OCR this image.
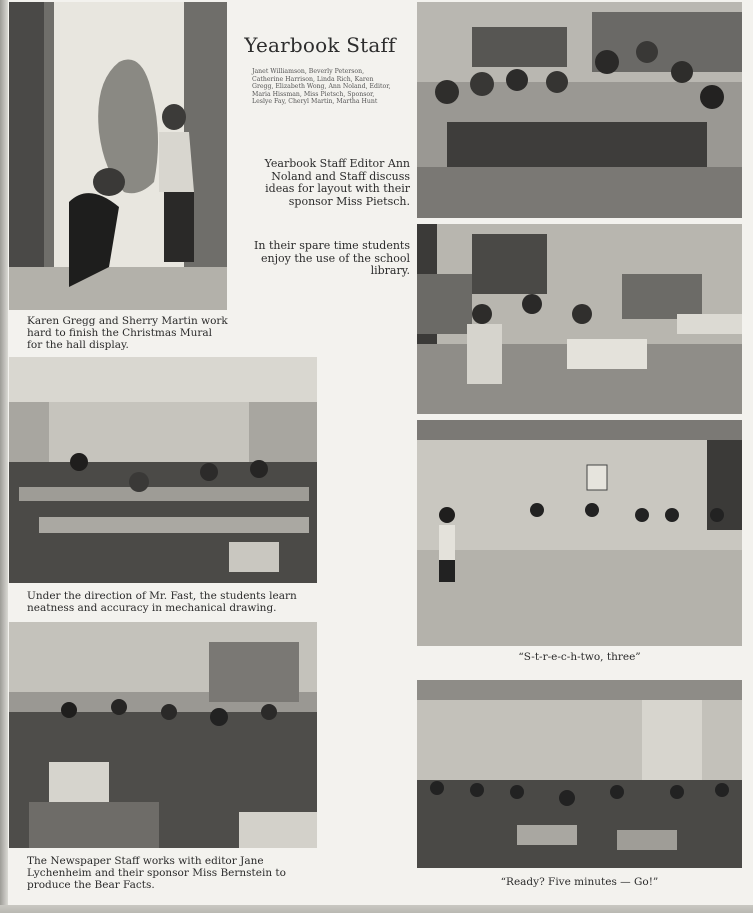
Karen Gregg and Sherry Martin work hard to finish the Christmas Mural for the hall display.
Yearbook Staff
Janet Williamson, Beverly Peterson, Catherine Harrison, Linda Rich, Karen Gregg, Elizabeth Wong, Ann Noland, Editor, Maria Hissman, Miss Pietsch, Sponsor, Leslye Fay, Cheryl Martin, Martha Hunt
Yearbook Staff Editor Ann Noland and Staff discuss ideas for layout with their sponsor Miss Pietsch.
In their spare time students enjoy the use of the school library.
Under the direction of Mr. Fast, the students learn neatness and accuracy in mechanical drawing.
“S-t-r-e-c-h-two, three”
The Newspaper Staff works with editor Jane Lychenheim and their sponsor Miss Bernstein to produce the Bear Facts.	“Ready? Five minutes — Go!”
